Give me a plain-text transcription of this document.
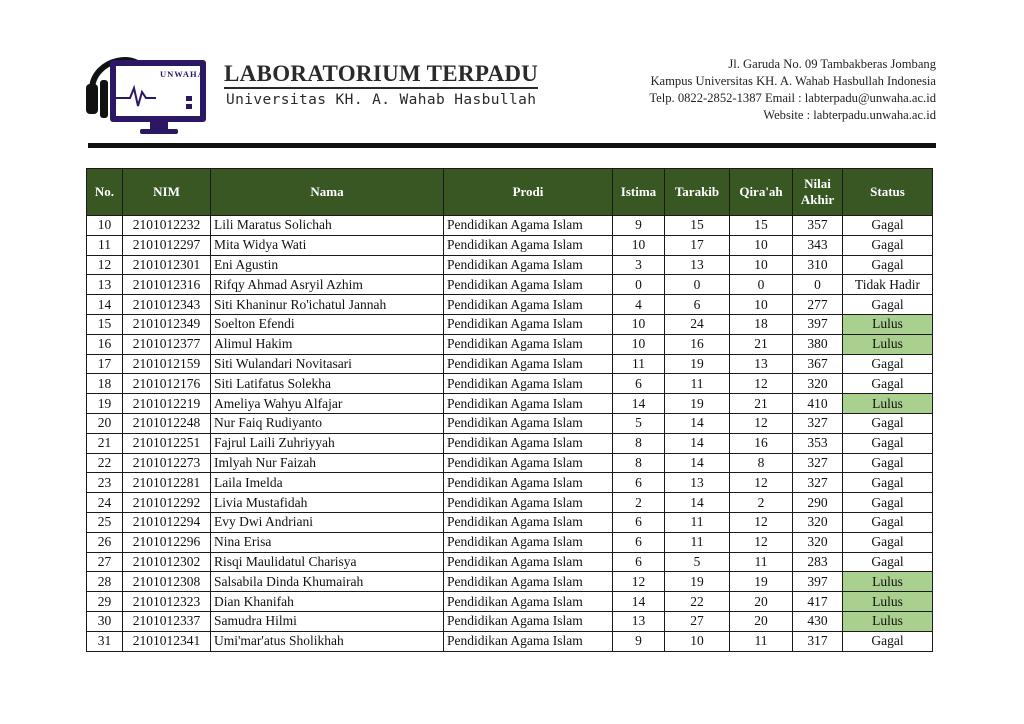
UNWAHA LABORATORIUM TERPADU
Universitas KH. A. Wahab Hasbullah
Jl. Garuda No. 09 Tambakberas Jombang
Kampus Universitas KH. A. Wahab Hasbullah Indonesia
Telp. 0822-2852-1387 Email : labterpadu@unwaha.ac.id
Website : labterpadu.unwaha.ac.id
No.	NIM	Nama	Prodi	Istima	Tarakib	Qira'ah	Nilai Akhir	Status
10	2101012232	Lili Maratus Solichah	Pendidikan Agama Islam	9	15	15	357	Gagal
11	2101012297	Mita Widya Wati	Pendidikan Agama Islam	10	17	10	343	Gagal
12	2101012301	Eni Agustin	Pendidikan Agama Islam	3	13	10	310	Gagal
13	2101012316	Rifqy Ahmad Asryil Azhim	Pendidikan Agama Islam	0	0	0	0	Tidak Hadir
14	2101012343	Siti Khaninur Ro'ichatul Jannah	Pendidikan Agama Islam	4	6	10	277	Gagal
15	2101012349	Soelton Efendi	Pendidikan Agama Islam	10	24	18	397	Lulus
16	2101012377	Alimul Hakim	Pendidikan Agama Islam	10	16	21	380	Lulus
17	2101012159	Siti Wulandari Novitasari	Pendidikan Agama Islam	11	19	13	367	Gagal
18	2101012176	Siti Latifatus Solekha	Pendidikan Agama Islam	6	11	12	320	Gagal
19	2101012219	Ameliya Wahyu Alfajar	Pendidikan Agama Islam	14	19	21	410	Lulus
20	2101012248	Nur Faiq Rudiyanto	Pendidikan Agama Islam	5	14	12	327	Gagal
21	2101012251	Fajrul Laili Zuhriyyah	Pendidikan Agama Islam	8	14	16	353	Gagal
22	2101012273	Imlyah Nur Faizah	Pendidikan Agama Islam	8	14	8	327	Gagal
23	2101012281	Laila Imelda	Pendidikan Agama Islam	6	13	12	327	Gagal
24	2101012292	Livia Mustafidah	Pendidikan Agama Islam	2	14	2	290	Gagal
25	2101012294	Evy Dwi Andriani	Pendidikan Agama Islam	6	11	12	320	Gagal
26	2101012296	Nina Erisa	Pendidikan Agama Islam	6	11	12	320	Gagal
27	2101012302	Risqi Maulidatul Charisya	Pendidikan Agama Islam	6	5	11	283	Gagal
28	2101012308	Salsabila Dinda Khumairah	Pendidikan Agama Islam	12	19	19	397	Lulus
29	2101012323	Dian Khanifah	Pendidikan Agama Islam	14	22	20	417	Lulus
30	2101012337	Samudra Hilmi	Pendidikan Agama Islam	13	27	20	430	Lulus
31	2101012341	Umi'mar'atus Sholikhah	Pendidikan Agama Islam	9	10	11	317	Gagal
